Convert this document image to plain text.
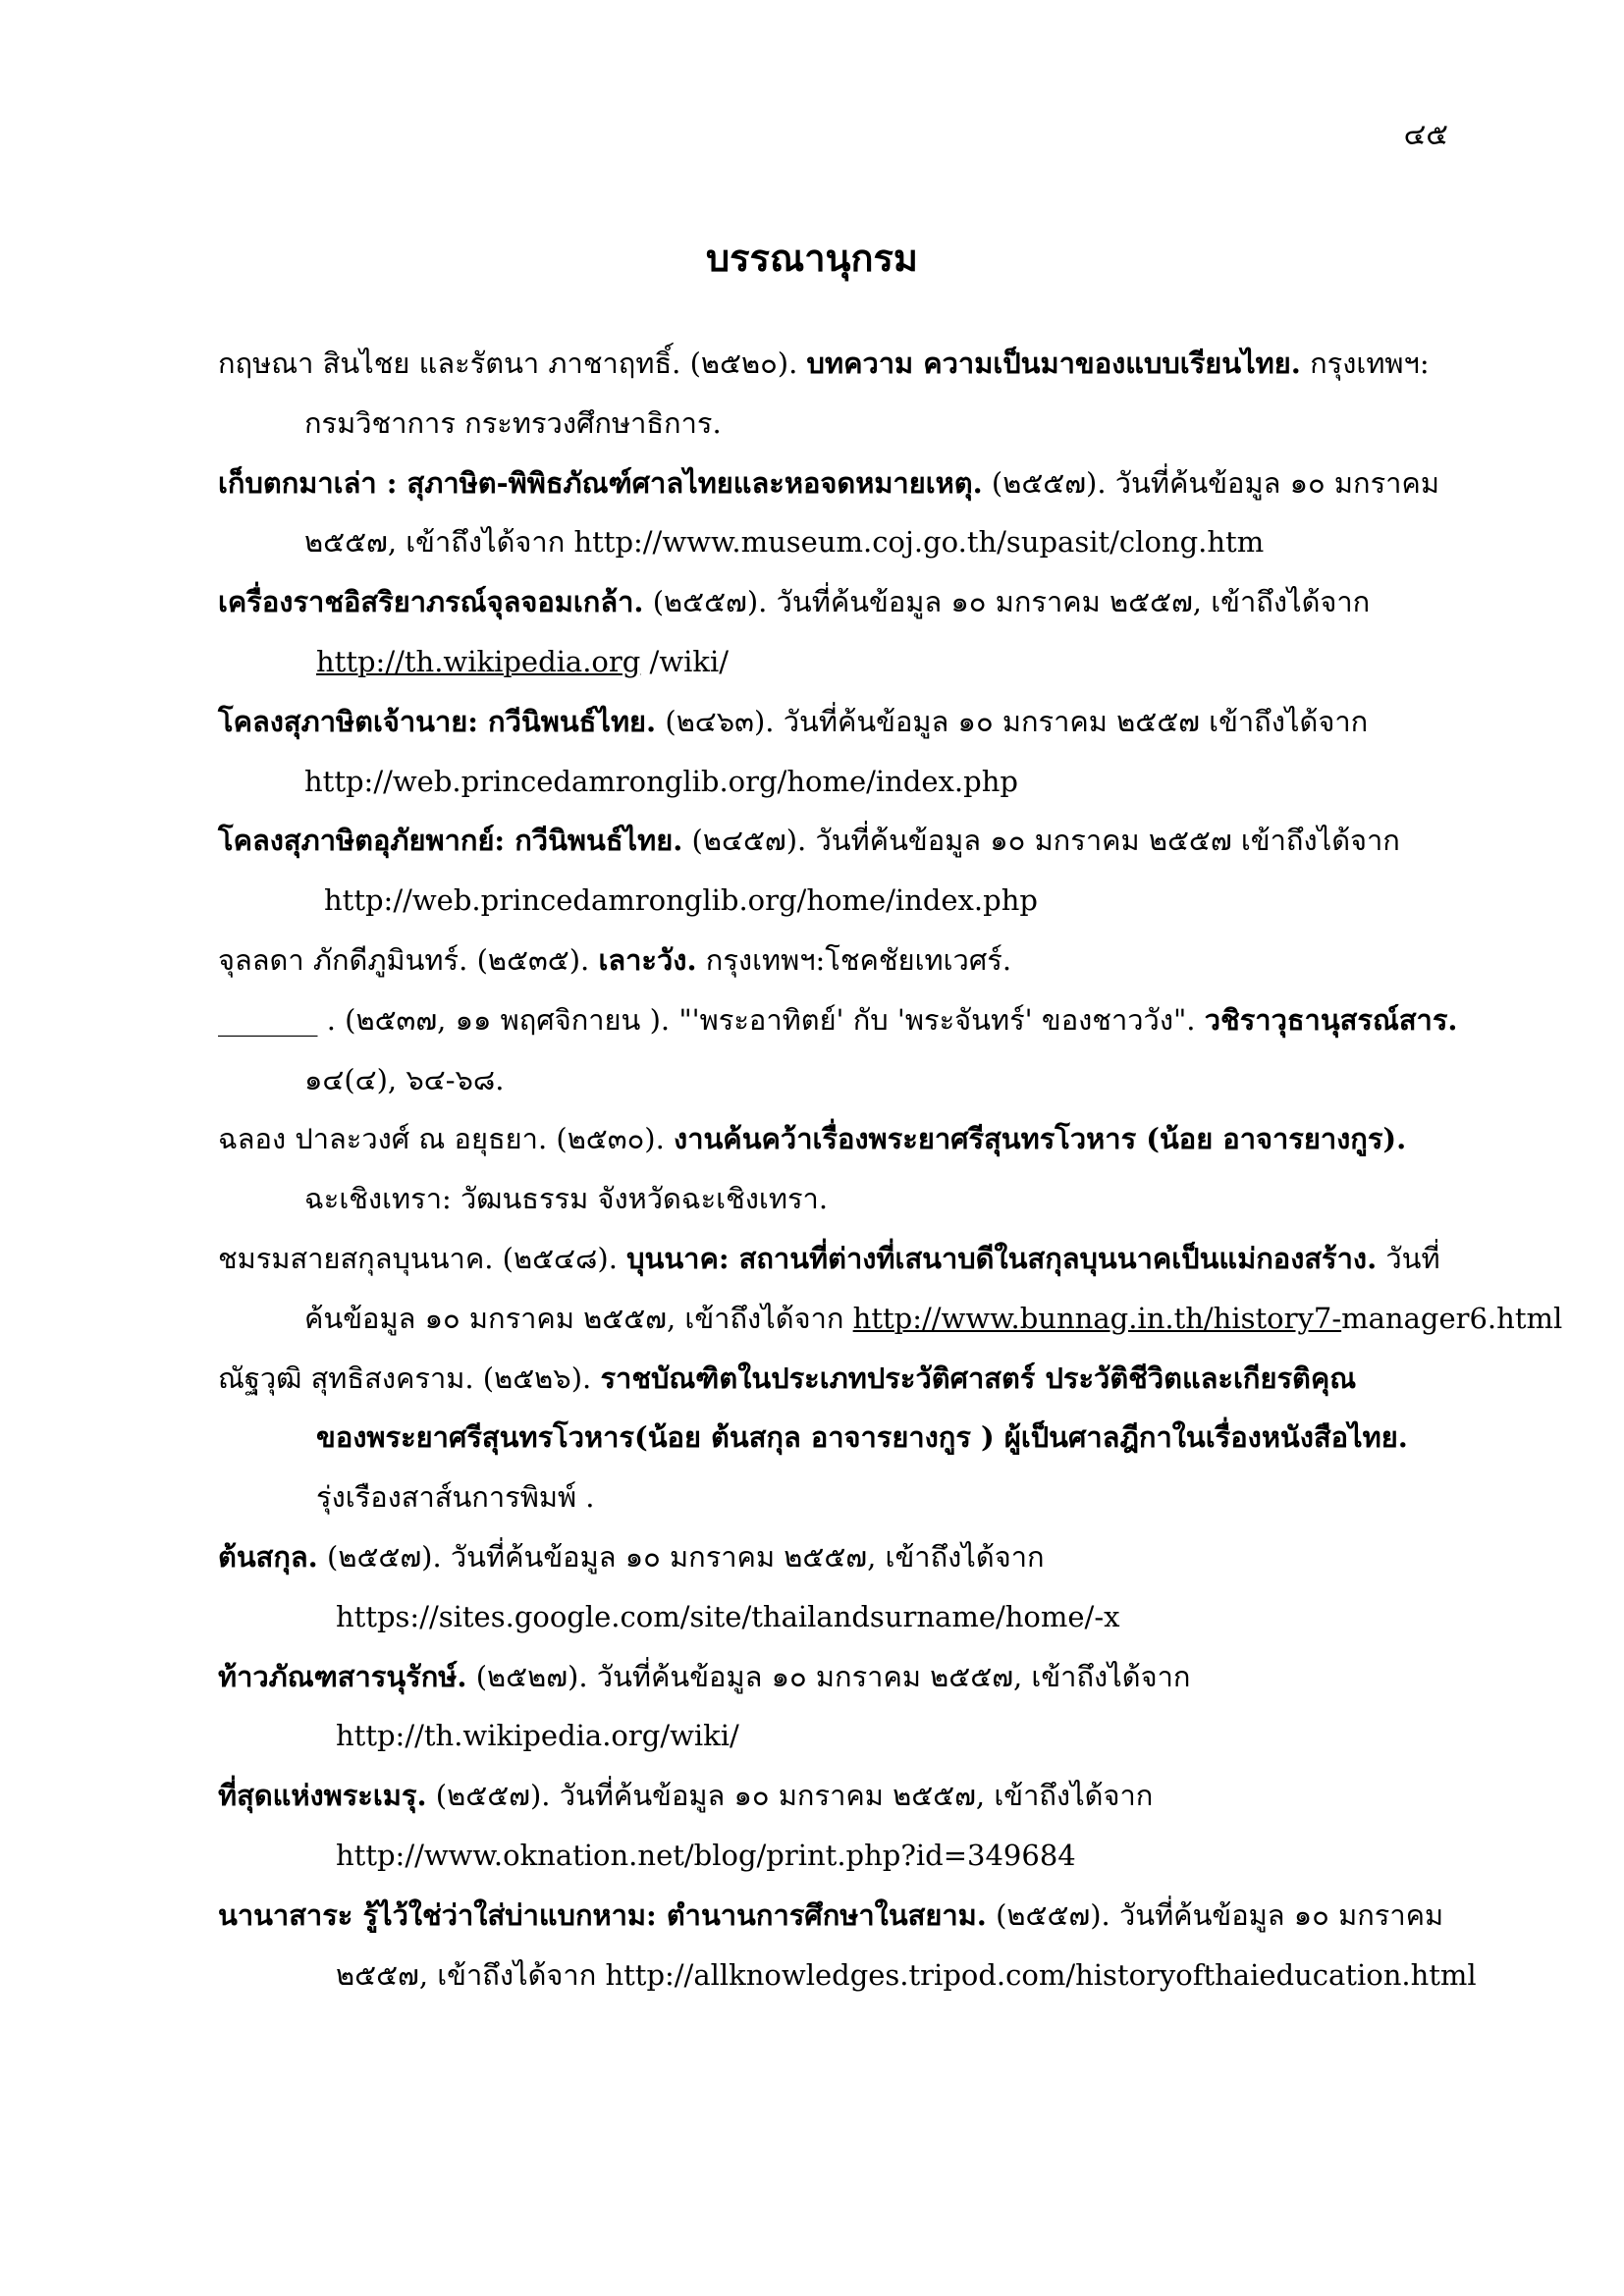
๔๕
บรรณานุกรม
กฤษณา สินไชย และรัตนา ภาชาฤทธิ์. (๒๕๒๐). บทความ ความเป็นมาของแบบเรียนไทย. กรุงเทพฯ:
กรมวิชาการ กระทรวงศึกษาธิการ.
เก็บตกมาเล่า : สุภาษิต-พิพิธภัณฑ์ศาลไทยและหอจดหมายเหตุ. (๒๕๕๗). วันที่ค้นข้อมูล ๑๐ มกราคม
๒๕๕๗, เข้าถึงได้จาก http://www.museum.coj.go.th/supasit/clong.htm
เครื่องราชอิสริยาภรณ์จุลจอมเกล้า. (๒๕๕๗). วันที่ค้นข้อมูล ๑๐ มกราคม ๒๕๕๗, เข้าถึงได้จาก
http://th.wikipedia.org /wiki/
โคลงสุภาษิตเจ้านาย: กวีนิพนธ์ไทย. (๒๔๖๓). วันที่ค้นข้อมูล ๑๐ มกราคม ๒๕๕๗ เข้าถึงได้จาก
http://web.princedamronglib.org/home/index.php
โคลงสุภาษิตอุภัยพากย์: กวีนิพนธ์ไทย. (๒๔๕๗). วันที่ค้นข้อมูล ๑๐ มกราคม ๒๕๕๗ เข้าถึงได้จาก
http://web.princedamronglib.org/home/index.php
จุลลดา ภักดีภูมินทร์. (๒๕๓๕). เลาะวัง. กรุงเทพฯ:โชคชัยเทเวศร์.
_______ . (๒๕๓๗, ๑๑ พฤศจิกายน ). "'พระอาทิตย์' กับ 'พระจันทร์' ของชาววัง". วชิราวุธานุสรณ์สาร.
๑๔(๔), ๖๔-๖๘.
ฉลอง ปาละวงศ์ ณ อยุธยา. (๒๕๓๐). งานค้นคว้าเรื่องพระยาศรีสุนทรโวหาร (น้อย อาจารยางกูร).
ฉะเชิงเทรา: วัฒนธรรม จังหวัดฉะเชิงเทรา.
ชมรมสายสกุลบุนนาค. (๒๕๔๘). บุนนาค: สถานที่ต่างที่เสนาบดีในสกุลบุนนาคเป็นแม่กองสร้าง. วันที่
ค้นข้อมูล ๑๐ มกราคม ๒๕๕๗, เข้าถึงได้จาก http://www.bunnag.in.th/history7-manager6.html
ณัฐวุฒิ สุทธิสงคราม. (๒๕๒๖). ราชบัณฑิตในประเภทประวัติศาสตร์ ประวัติชีวิตและเกียรติคุณ
ของพระยาศรีสุนทรโวหาร(น้อย ต้นสกุล อาจารยางกูร ) ผู้เป็นศาลฎีกาในเรื่องหนังสือไทย.
รุ่งเรืองสาส์นการพิมพ์ .
ต้นสกุล. (๒๕๕๗). วันที่ค้นข้อมูล ๑๐ มกราคม ๒๕๕๗, เข้าถึงได้จาก
https://sites.google.com/site/thailandsurname/home/-x
ท้าวภัณฑสารนุรักษ์. (๒๕๒๗). วันที่ค้นข้อมูล ๑๐ มกราคม ๒๕๕๗, เข้าถึงได้จาก
http://th.wikipedia.org/wiki/
ที่สุดแห่งพระเมรุ. (๒๕๕๗). วันที่ค้นข้อมูล ๑๐ มกราคม ๒๕๕๗, เข้าถึงได้จาก
http://www.oknation.net/blog/print.php?id=349684
นานาสาระ รู้ไว้ใช่ว่าใส่บ่าแบกหาม: ตำนานการศึกษาในสยาม. (๒๕๕๗). วันที่ค้นข้อมูล ๑๐ มกราคม
๒๕๕๗, เข้าถึงได้จาก http://allknowledges.tripod.com/historyofthaieducation.html
